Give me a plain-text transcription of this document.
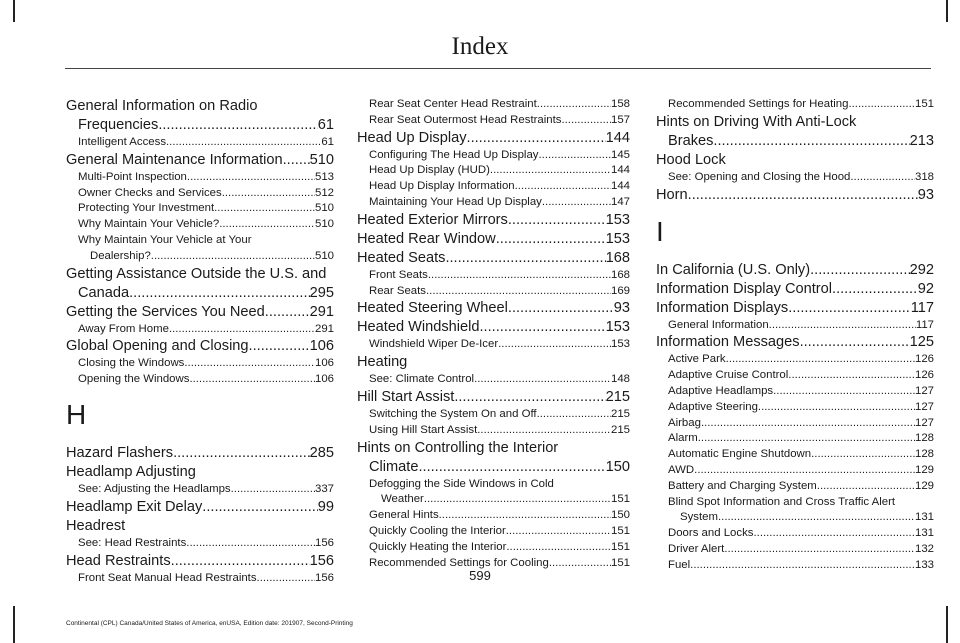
Index
General Information on Radio
Frequencies .....	61
Intelligent Access .....	61
General Maintenance Information ..... 510
Multi-Point Inspection .....	513
Owner Checks and Services .....	512
Protecting Your Investment .....	510
Why Maintain Your Vehicle? .....	510
Why Maintain Your Vehicle at Your
Dealership? .....	510
Getting Assistance Outside the U.S. and
Canada .....	295
Getting the Services You Need .....	291
Away From Home .....	291
Global Opening and Closing .....	106
Closing the Windows .....	106
Opening the Windows .....	106
H
Hazard Flashers .....	285
Headlamp Adjusting
See: Adjusting the Headlamps .....	337
Headlamp Exit Delay .....	99
Headrest
See: Head Restraints .....	156
Head Restraints .....	156
Front Seat Manual Head Restraints .....	156
Rear Seat Center Head Restraint .....	158
Rear Seat Outermost Head Restraints .....	157
Head Up Display .....	144
Configuring The Head Up Display .....	145
Head Up Display (HUD) .....	144
Head Up Display Information .....	144
Maintaining Your Head Up Display .....	147
Heated Exterior Mirrors .....	153
Heated Rear Window .....	153
Heated Seats .....	168
Front Seats .....	168
Rear Seats .....	169
Heated Steering Wheel .....	93
Heated Windshield .....	153
Windshield Wiper De-Icer .....	153
Heating
See: Climate Control .....	148
Hill Start Assist .....	215
Switching the System On and Off .....	215
Using Hill Start Assist .....	215
Hints on Controlling the Interior
Climate .....	150
Defogging the Side Windows in Cold
Weather .....	151
General Hints .....	150
Quickly Cooling the Interior .....	151
Quickly Heating the Interior .....	151
Recommended Settings for Cooling .....	151
Recommended Settings for Heating .....	151
Hints on Driving With Anti-Lock
Brakes .....	213
Hood Lock
See: Opening and Closing the Hood .....	318
Horn .....	93
I
In California (U.S. Only) .....	292
Information Display Control .....	92
Information Displays .....	117
General Information .....	117
Information Messages .....	125
Active Park .....	126
Adaptive Cruise Control .....	126
Adaptive Headlamps .....	127
Adaptive Steering .....	127
Airbag .....	127
Alarm .....	128
Automatic Engine Shutdown .....	128
AWD .....	129
Battery and Charging System .....	129
Blind Spot Information and Cross Traffic Alert
System .....	131
Doors and Locks .....	131
Driver Alert .....	132
Fuel .....	133
599
Continental (CPL) Canada/United States of America, enUSA, Edition date: 201907, Second-Printing
